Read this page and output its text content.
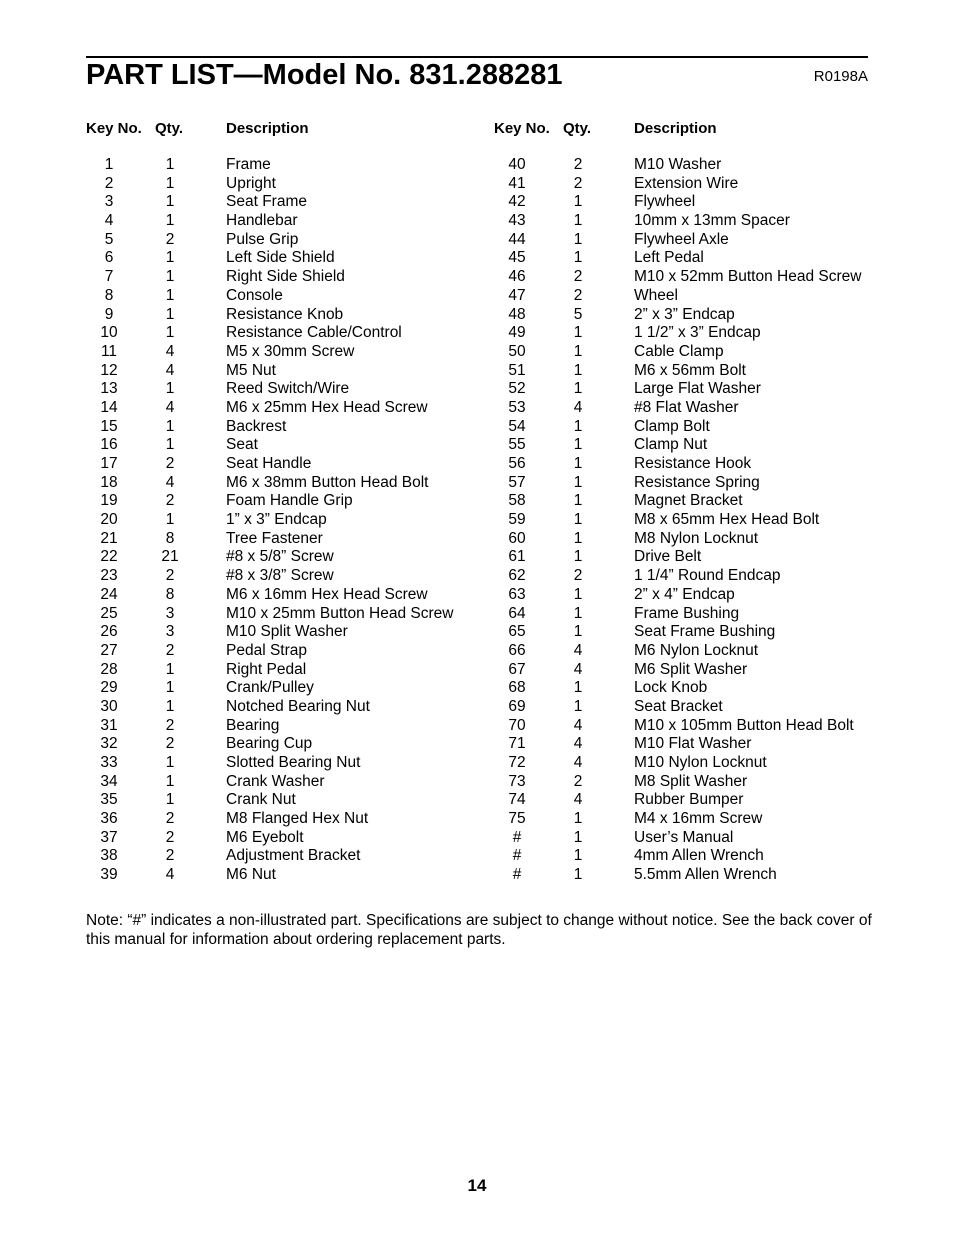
PART LIST—Model No. 831.288281	R0198A
Key No. Qty.	Description
1	1	Frame
2	1	Upright
3	1	Seat Frame
4	1	Handlebar
5	2	Pulse Grip
6	1	Left Side Shield
7	1	Right Side Shield
8	1	Console
9	1	Resistance Knob
10	1	Resistance Cable/Control
11	4	M5 x 30mm Screw
12	4	M5 Nut
13	1	Reed Switch/Wire
14	4	M6 x 25mm Hex Head Screw
15	1	Backrest
16	1	Seat
17	2	Seat Handle
18	4	M6 x 38mm Button Head Bolt
19	2	Foam Handle Grip
20	1	1” x 3” Endcap
21	8	Tree Fastener
22	21	#8 x 5/8” Screw
23	2	#8 x 3/8” Screw
24	8	M6 x 16mm Hex Head Screw
25	3	M10 x 25mm Button Head Screw
26	3	M10 Split Washer
27	2	Pedal Strap
28	1	Right Pedal
29	1	Crank/Pulley
30	1	Notched Bearing Nut
31	2	Bearing
32	2	Bearing Cup
33	1	Slotted Bearing Nut
34	1	Crank Washer
35	1	Crank Nut
36	2	M8 Flanged Hex Nut
37	2	M6 Eyebolt
38	2	Adjustment Bracket
39	4	M6 Nut
Key No. Qty.	Description
40	2	M10 Washer
41	2	Extension Wire
42	1	Flywheel
43	1	10mm x 13mm Spacer
44	1	Flywheel Axle
45	1	Left Pedal
46	2	M10 x 52mm Button Head Screw
47	2	Wheel
48	5	2” x 3” Endcap
49	1	1 1/2” x 3” Endcap
50	1	Cable Clamp
51	1	M6 x 56mm Bolt
52	1	Large Flat Washer
53	4	#8 Flat Washer
54	1	Clamp Bolt
55	1	Clamp Nut
56	1	Resistance Hook
57	1	Resistance Spring
58	1	Magnet Bracket
59	1	M8 x 65mm Hex Head Bolt
60	1	M8 Nylon Locknut
61	1	Drive Belt
62	2	1 1/4” Round Endcap
63	1	2” x 4” Endcap
64	1	Frame Bushing
65	1	Seat Frame Bushing
66	4	M6 Nylon Locknut
67	4	M6 Split Washer
68	1	Lock Knob
69	1	Seat Bracket
70	4	M10 x 105mm Button Head Bolt
71	4	M10 Flat Washer
72	4	M10 Nylon Locknut
73	2	M8 Split Washer
74	4	Rubber Bumper
75	1	M4 x 16mm Screw
#	1	User’s Manual
#	1	4mm Allen Wrench
#	1	5.5mm Allen Wrench
Note: “#” indicates a non-illustrated part. Specifications are subject to change without notice. See the back cover of this manual for information about ordering replacement parts.
14
